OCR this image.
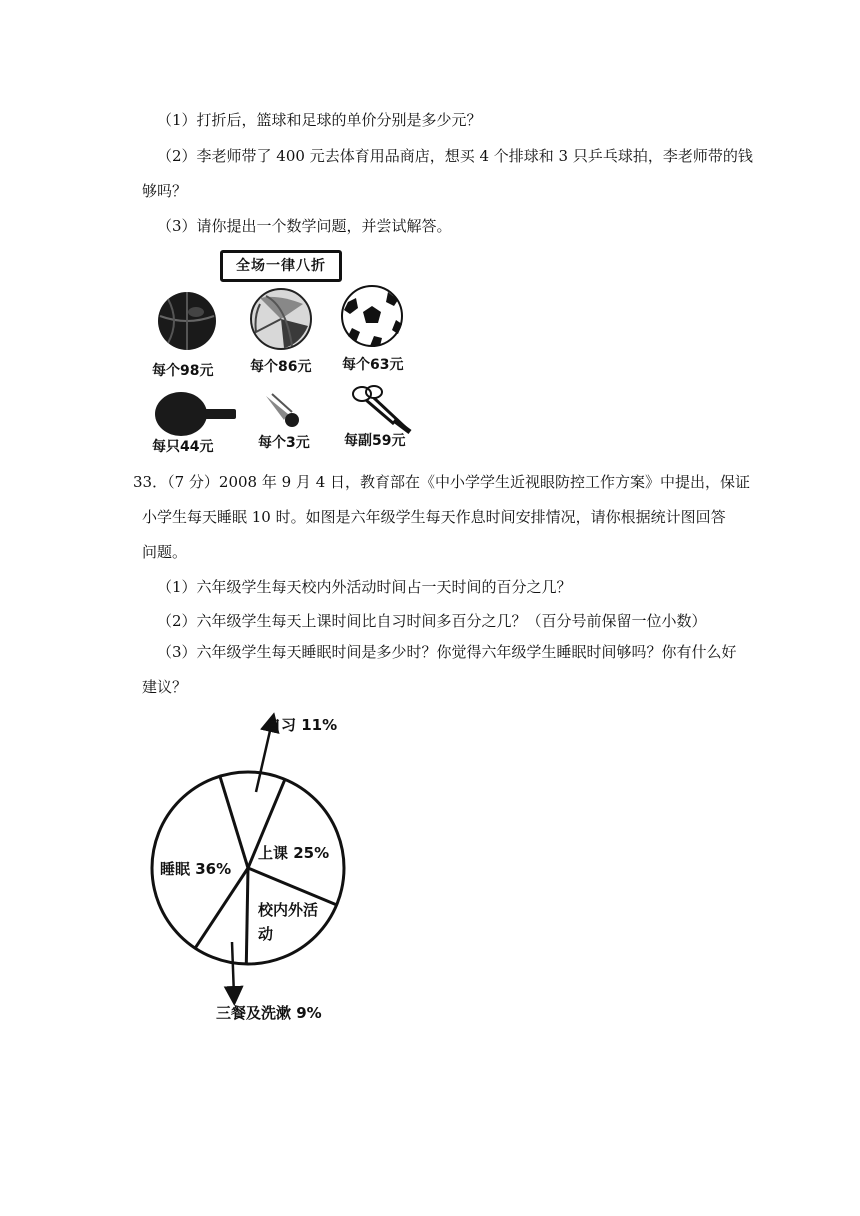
（1）打折后，篮球和足球的单价分别是多少元？
（2）李老师带了 400 元去体育用品商店，想买 4 个排球和 3 只乒乓球拍，李老师带的钱
够吗？
（3）请你提出一个数学问题，并尝试解答。
全场一律八折
每个98元	每个86元 每个63元
每只44元	每个3元 每副59元
33．（7 分）2008 年 9 月 4 日，教育部在《中小学学生近视眼防控工作方案》中提出，保证
小学生每天睡眠 10 时。如图是六年级学生每天作息时间安排情况，请你根据统计图回答
问题。
（1）六年级学生每天校内外活动时间占一天时间的百分之几？
（2）六年级学生每天上课时间比自习时间多百分之几？（百分号前保留一位小数）
（3）六年级学生每天睡眠时间是多少时？你觉得六年级学生睡眠时间够吗？你有什么好
建议？
自习 11%
上课 25%
校内外活动
三餐及洗漱 9%
睡眠 36%
